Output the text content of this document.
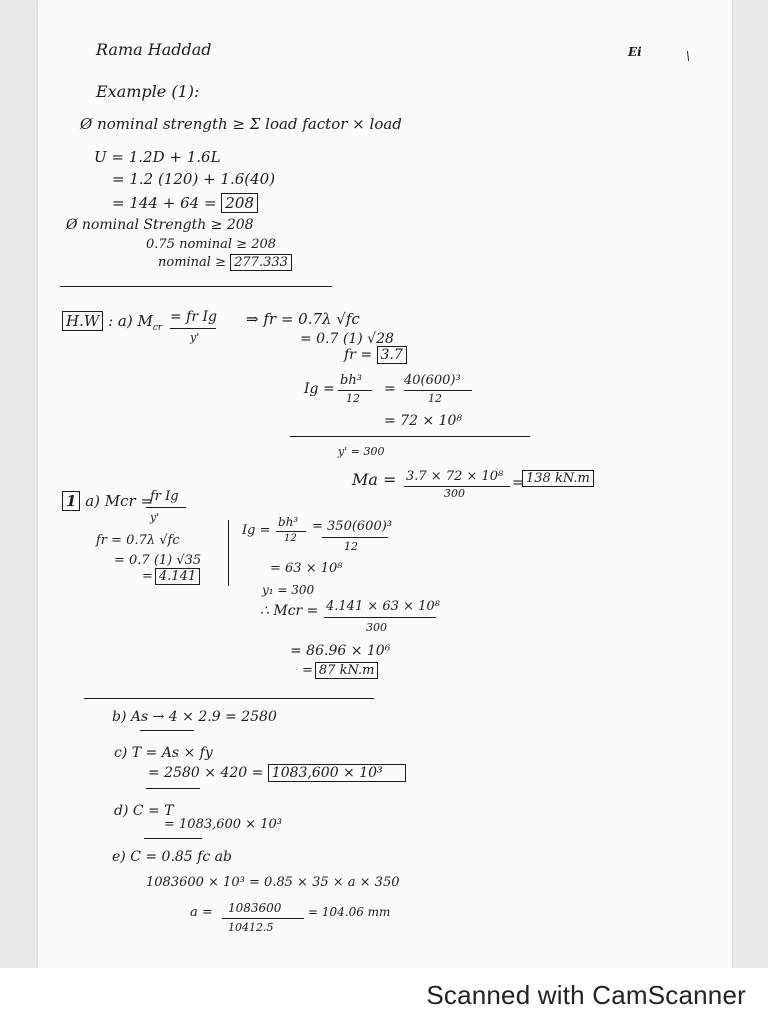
Rama Haddad	Ei	\
Example (1):
Ø nominal strength ≥ Σ load factor × load
U = 1.2D + 1.6L
= 1.2 (120) + 1.6(40)
= 144 + 64 = 208
Ø nominal Strength ≥ 208
0.75 nominal ≥ 208
nominal ≥ 277.333
H.W : a) $M_{cr}$
= fr Ig
y'
⇒ fr = 0.7λ √fc
= 0.7 (1) √28
fr = 3.7
Ig =
bh³
12
=
40(600)³
12
= 72 × 10⁸
y' = 300
Ma = 3.7 × 72 × 10⁸
300
= 138 kN.m
1 a) Mcr =
fr Ig
y'
fr = 0.7λ √fc
= 0.7 (1) √35
= 4.141
Ig =
bh³
12
= 350(600)³
12
= 63 × 10⁸
y₁ = 300
∴ Mcr = 4.141 × 63 × 10⁸
300
= 86.96 × 10⁶
= 87 kN.m
b) As → 4 × 2.9 = 2580
c) T = As × fy
= 2580 × 420 = 1083,600 × 10³
d) C = T
= 1083,600 × 10³
e) C = 0.85 fc ab
1083600 × 10³ = 0.85 × 35 × a × 350
a = 1083600
10412.5
= 104.06 mm
Scanned with CamScanner
